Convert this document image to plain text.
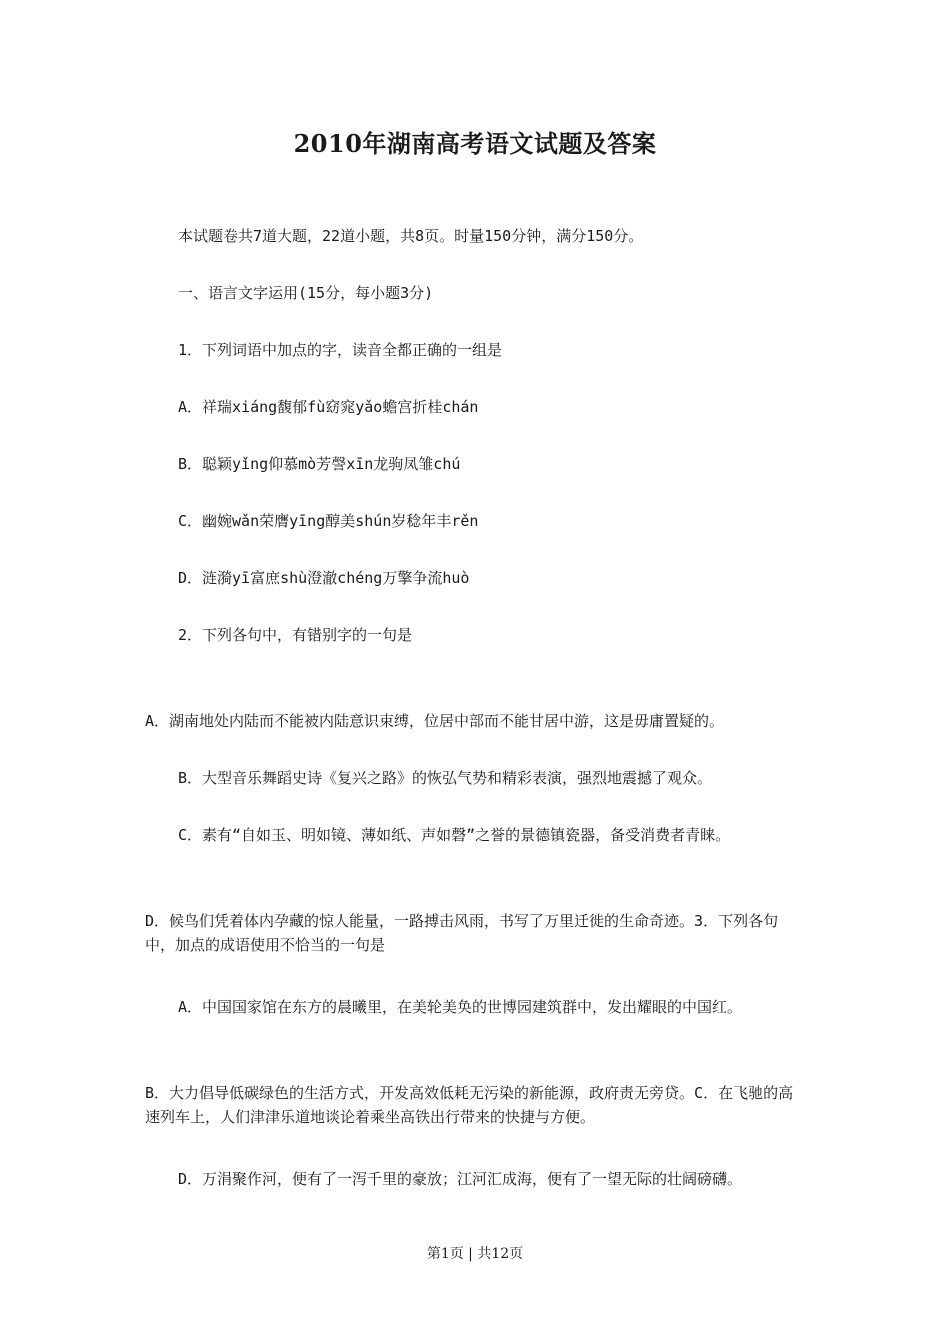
2010年湖南高考语文试题及答案
本试题卷共7道大题，22道小题，共8页。时量150分钟，满分150分。
一、语言文字运用(15分，每小题3分)
1．下列词语中加点的字，读音全都正确的一组是
A．祥瑞xiáng馥郁fù窈窕yǎo蟾宫折桂chán
B．聪颖yǐng仰慕mò芳謦xīn龙驹凤雏chú
C．幽婉wǎn荣膺yīng醇美shún岁稔年丰rěn
D．涟漪yī富庶shù澄澈chéng万擎争流huò
2．下列各句中，有错别字的一句是
A．湖南地处内陆而不能被内陆意识束缚，位居中部而不能甘居中游，这是毋庸置疑的。
B．大型音乐舞蹈史诗《复兴之路》的恢弘气势和精彩表演，强烈地震撼了观众。
C．素有“自如玉、明如镜、薄如纸、声如磬”之誉的景德镇瓷器，备受消费者青睐。
D．候鸟们凭着体内孕藏的惊人能量，一路搏击风雨，书写了万里迁徙的生命奇迹。3．下列各句中，加点的成语使用不恰当的一句是
A．中国国家馆在东方的晨曦里，在美轮美奂的世博园建筑群中，发出耀眼的中国红。
B．大力倡导低碳绿色的生活方式，开发高效低耗无污染的新能源，政府责无旁贷。C．在飞驰的高速列车上，人们津津乐道地谈论着乘坐高铁出行带来的快捷与方便。
D．万涓聚作河，便有了一泻千里的豪放；江河汇成海，便有了一望无际的壮阔磅礴。
第1页 | 共12页
